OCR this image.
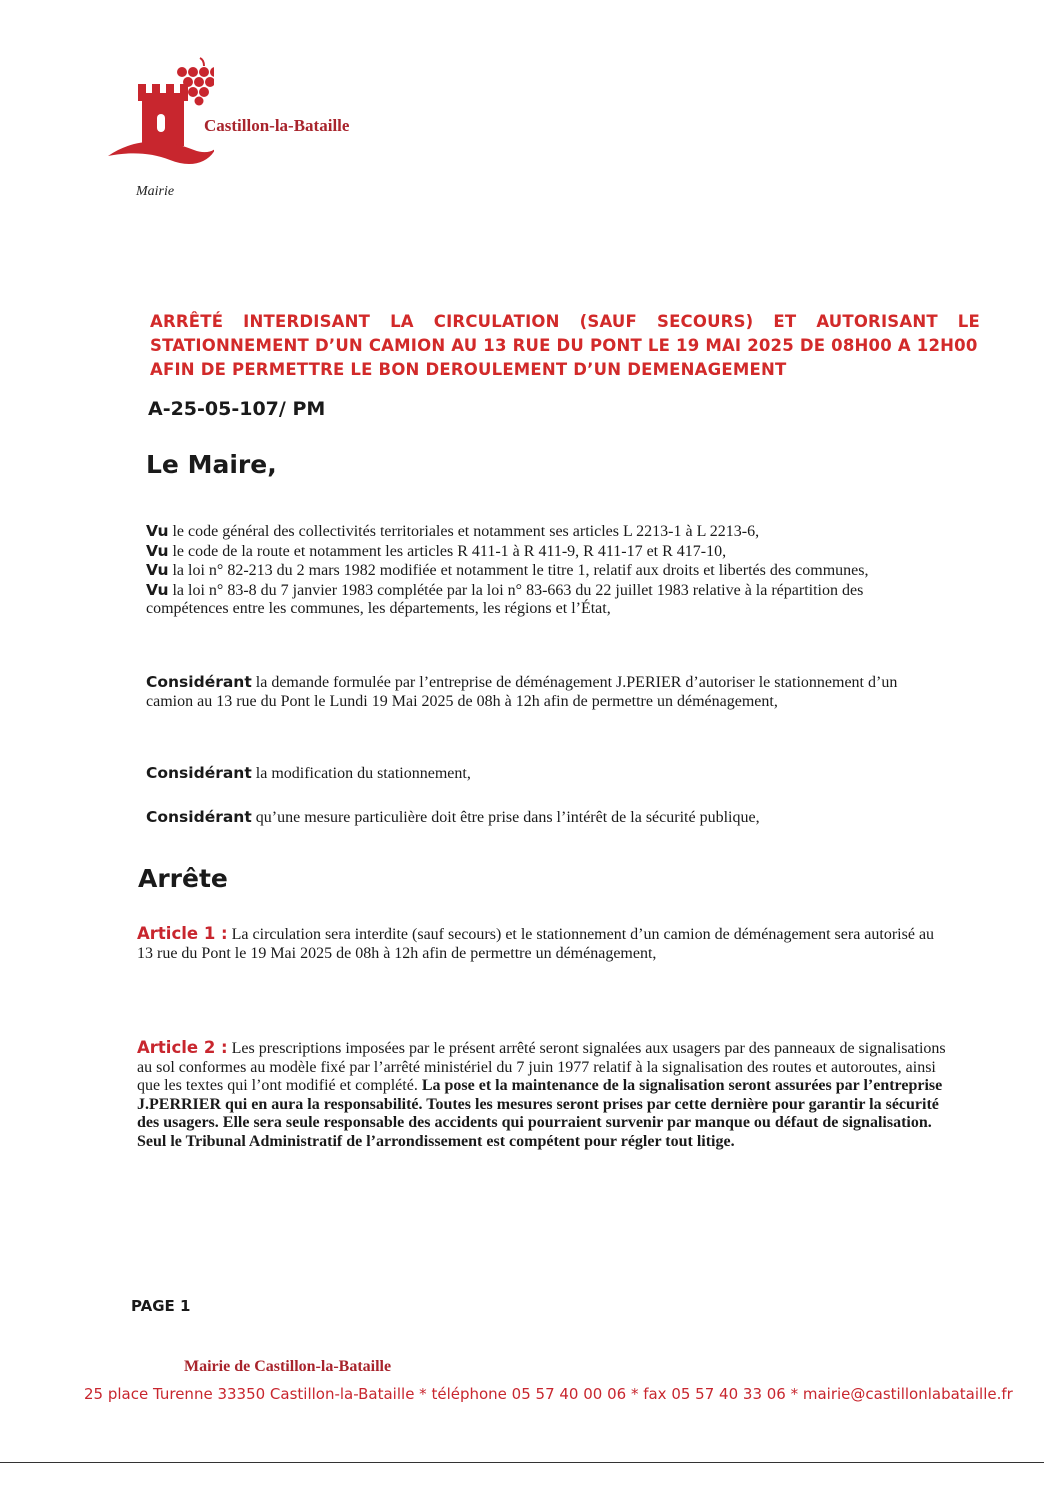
Castillon-la-Bataille
Mairie
ARRÊTÉ INTERDISANT LA CIRCULATION (SAUF SECOURS) ET AUTORISANT LE
STATIONNEMENT D’UN CAMION AU 13 RUE DU PONT LE 19 MAI 2025 DE 08H00 A 12H00
AFIN DE PERMETTRE LE BON DEROULEMENT D’UN DEMENAGEMENT
A-25-05-107/ PM
Le Maire,

Vu le code général des collectivités territoriales et notamment ses articles L 2213-1 à L 2213-6,

Vu le code de la route et notamment les articles R 411-1 à R 411-9, R 411-17 et R 417-10,

Vu la loi n° 82-213 du 2 mars 1982 modifiée et notamment le titre 1, relatif aux droits et libertés des communes,

Vu la loi n° 83-8 du 7 janvier 1983 complétée par la loi n° 83-663 du 22 juillet 1983 relative à la répartition des compétences entre les communes, les départements, les régions et l’État,

Considérant la demande formulée par l’entreprise de déménagement J.PERIER d’autoriser le stationnement d’un camion au 13 rue du Pont le Lundi 19 Mai 2025 de 08h à 12h afin de permettre un déménagement,

Considérant la modification du stationnement,

Considérant qu’une mesure particulière doit être prise dans l’intérêt de la sécurité publique,

Arrête
Article 1 : La circulation sera interdite (sauf secours) et le stationnement d’un camion de déménagement sera autorisé au 13 rue du Pont le 19 Mai 2025 de 08h à 12h afin de permettre un déménagement,
Article 2 : Les prescriptions imposées par le présent arrêté seront signalées aux usagers par des panneaux de signalisations au sol conformes au modèle fixé par l’arrêté ministériel du 7 juin 1977 relatif à la signalisation des routes et autoroutes, ainsi que les textes qui l’ont modifié et complété. La pose et la maintenance de la signalisation seront assurées par l’entreprise J.PERRIER qui en aura la responsabilité. Toutes les mesures seront prises par cette dernière pour garantir la sécurité des usagers. Elle sera seule responsable des accidents qui pourraient survenir par manque ou défaut de signalisation. Seul le Tribunal Administratif de l’arrondissement est compétent pour régler tout litige.
PAGE 1
Mairie de Castillon-la-Bataille
25 place Turenne 33350 Castillon-la-Bataille * téléphone 05 57 40 00 06 * fax 05 57 40 33 06 * mairie@castillonlabataille.fr
